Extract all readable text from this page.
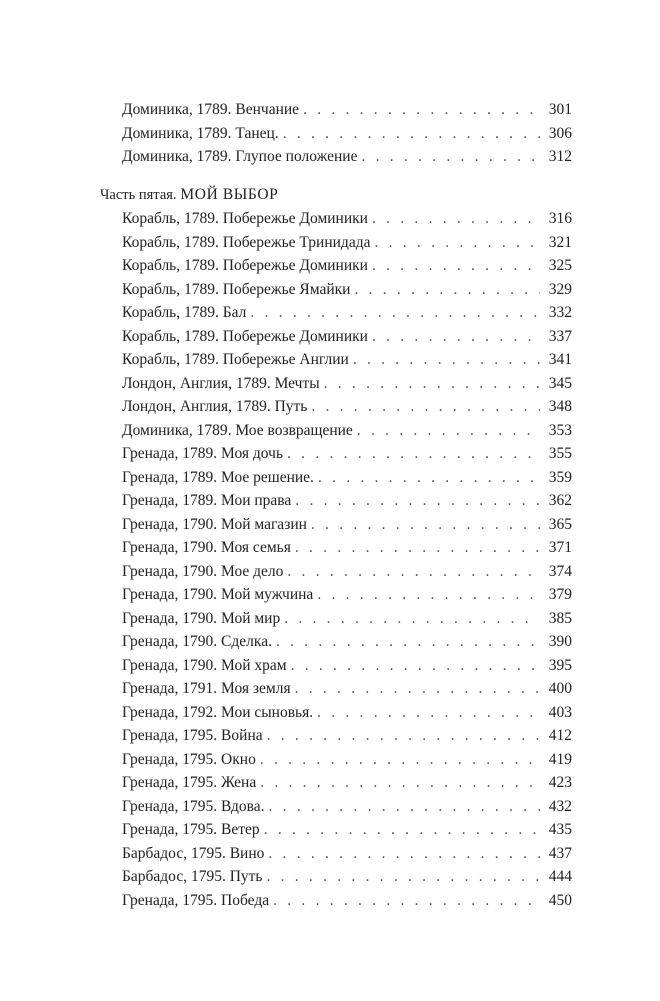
Доминика, 1789. Венчание . . .	301
Доминика, 1789. Танец. . . .	306
Доминика, 1789. Глупое положение . . .	312
Часть пятая. МОЙ ВЫБОР
Корабль, 1789. Побережье Доминики . . .	316
Корабль, 1789. Побережье Тринидада . . .	321
Корабль, 1789. Побережье Доминики . . .	325
Корабль, 1789. Побережье Ямайки . . .	329
Корабль, 1789. Бал . . .	332
Корабль, 1789. Побережье Доминики . . .	337
Корабль, 1789. Побережье Англии . . .	341
Лондон, Англия, 1789. Мечты . . .	345
Лондон, Англия, 1789. Путь . . .	348
Доминика, 1789. Мое возвращение . . .	353
Гренада, 1789. Моя дочь . . .	355
Гренада, 1789. Мое решение. . . .	359
Гренада, 1789. Мои права . . .	362
Гренада, 1790. Мой магазин . . .	365
Гренада, 1790. Моя семья . . .	371
Гренада, 1790. Мое дело . . .	374
Гренада, 1790. Мой мужчина . . .	379
Гренада, 1790. Мой мир . . .	385
Гренада, 1790. Сделка. . . .	390
Гренада, 1790. Мой храм . . .	395
Гренада, 1791. Моя земля . . .	400
Гренада, 1792. Мои сыновья. . . .	403
Гренада, 1795. Война . . .	412
Гренада, 1795. Окно . . .	419
Гренада, 1795. Жена . . .	423
Гренада, 1795. Вдова. . . .	432
Гренада, 1795. Ветер . . .	435
Барбадос, 1795. Вино . . .	437
Барбадос, 1795. Путь . . .	444
Гренада, 1795. Победа . . .	450
